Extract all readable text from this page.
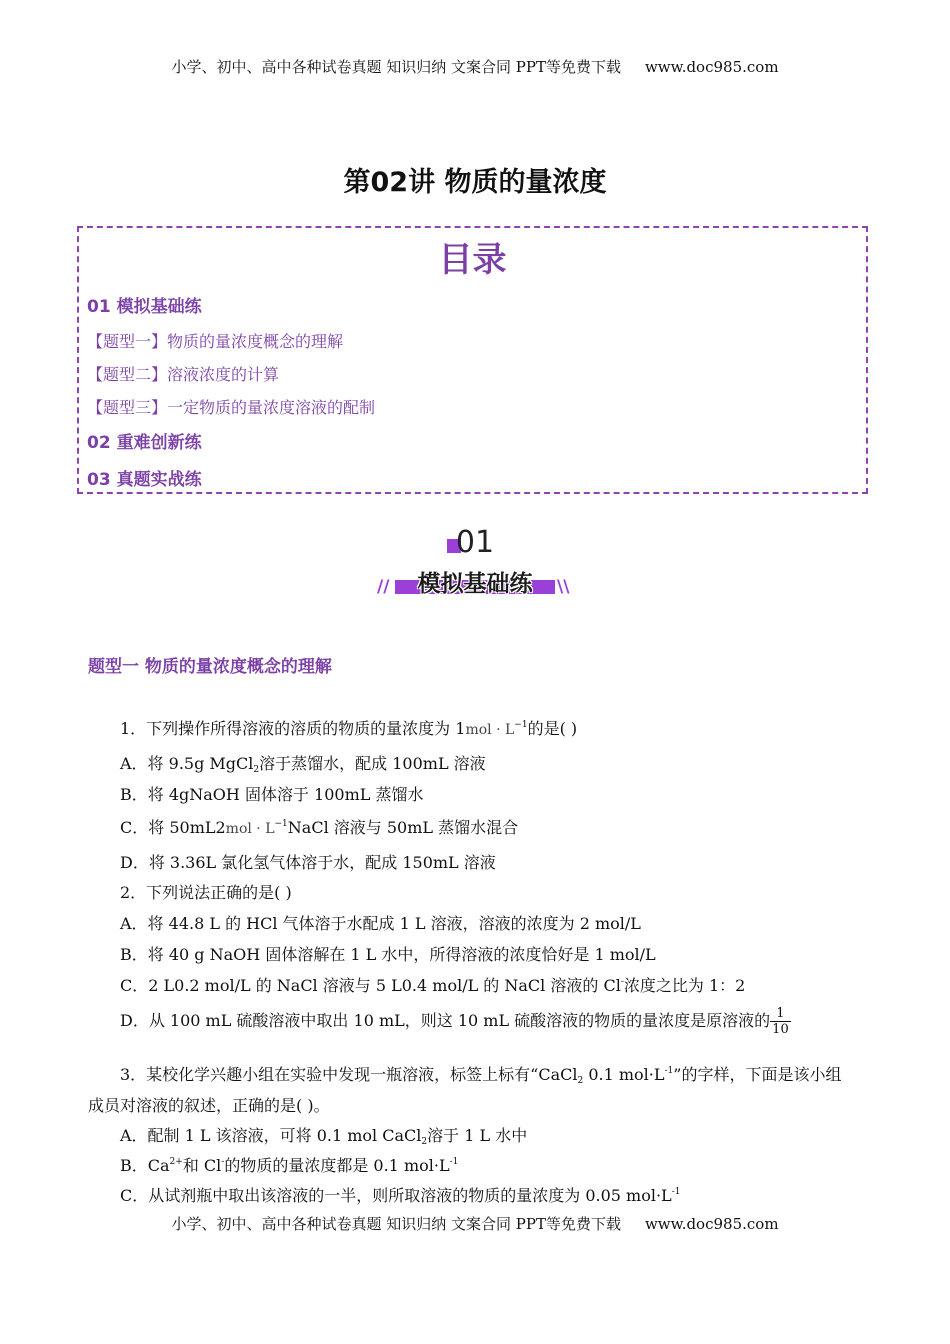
小学、初中、高中各种试卷真题 知识归纳 文案合同 PPT等免费下载 www.doc985.com
第02讲 物质的量浓度
目录
01 模拟基础练
【题型一】物质的量浓度概念的理解
【题型二】溶液浓度的计算
【题型三】一定物质的量浓度溶液的配制
02 重难创新练
03 真题实战练
01
模拟基础练
//	\\
题型一 物质的量浓度概念的理解
1．下列操作所得溶液的溶质的物质的量浓度为 $1mol \cdot L^{-1}$的是( )
A．将 9.5g MgCl$_2$溶于蒸馏水，配成 100mL 溶液
B．将 4gNaOH 固体溶于 100mL 蒸馏水
C．将 $50mL2mol \cdot L^{-1}NaCl$ 溶液与 50mL 蒸馏水混合
D．将 3.36L 氯化氢气体溶于水，配成 150mL 溶液
2．下列说法正确的是( )
A．将 44.8 L 的 HCl 气体溶于水配成 1 L 溶液，溶液的浓度为 2 mol/L
B．将 40 g NaOH 固体溶解在 1 L 水中，所得溶液的浓度恰好是 1 mol/L
C．2 L0.2 mol/L 的 NaCl 溶液与 5 L0.4 mol/L 的 NaCl 溶液的 Cl-浓度之比为 1：2
D．从 100 mL 硫酸溶液中取出 10 mL，则这 10 mL 硫酸溶液的物质的量浓度是原溶液的 $\frac{1}{10}$
3．某校化学兴趣小组在实验中发现一瓶溶液，标签上标有“CaCl$_2$ 0.1 $mol\cdot L^{-1}$”的字样，下面是该小组
成员对溶液的叙述，正确的是( )。
A．配制 1 L 该溶液，可将 0.1 mol CaCl$_2$溶于 1 L 水中
B．$Ca^{2+}$和 Cl-的物质的量浓度都是 0.1 $mol\cdot L^{-1}$
C．从试剂瓶中取出该溶液的一半，则所取溶液的物质的量浓度为 0.05 $mol\cdot L^{-1}$
小学、初中、高中各种试卷真题 知识归纳 文案合同 PPT等免费下载 www.doc985.com
